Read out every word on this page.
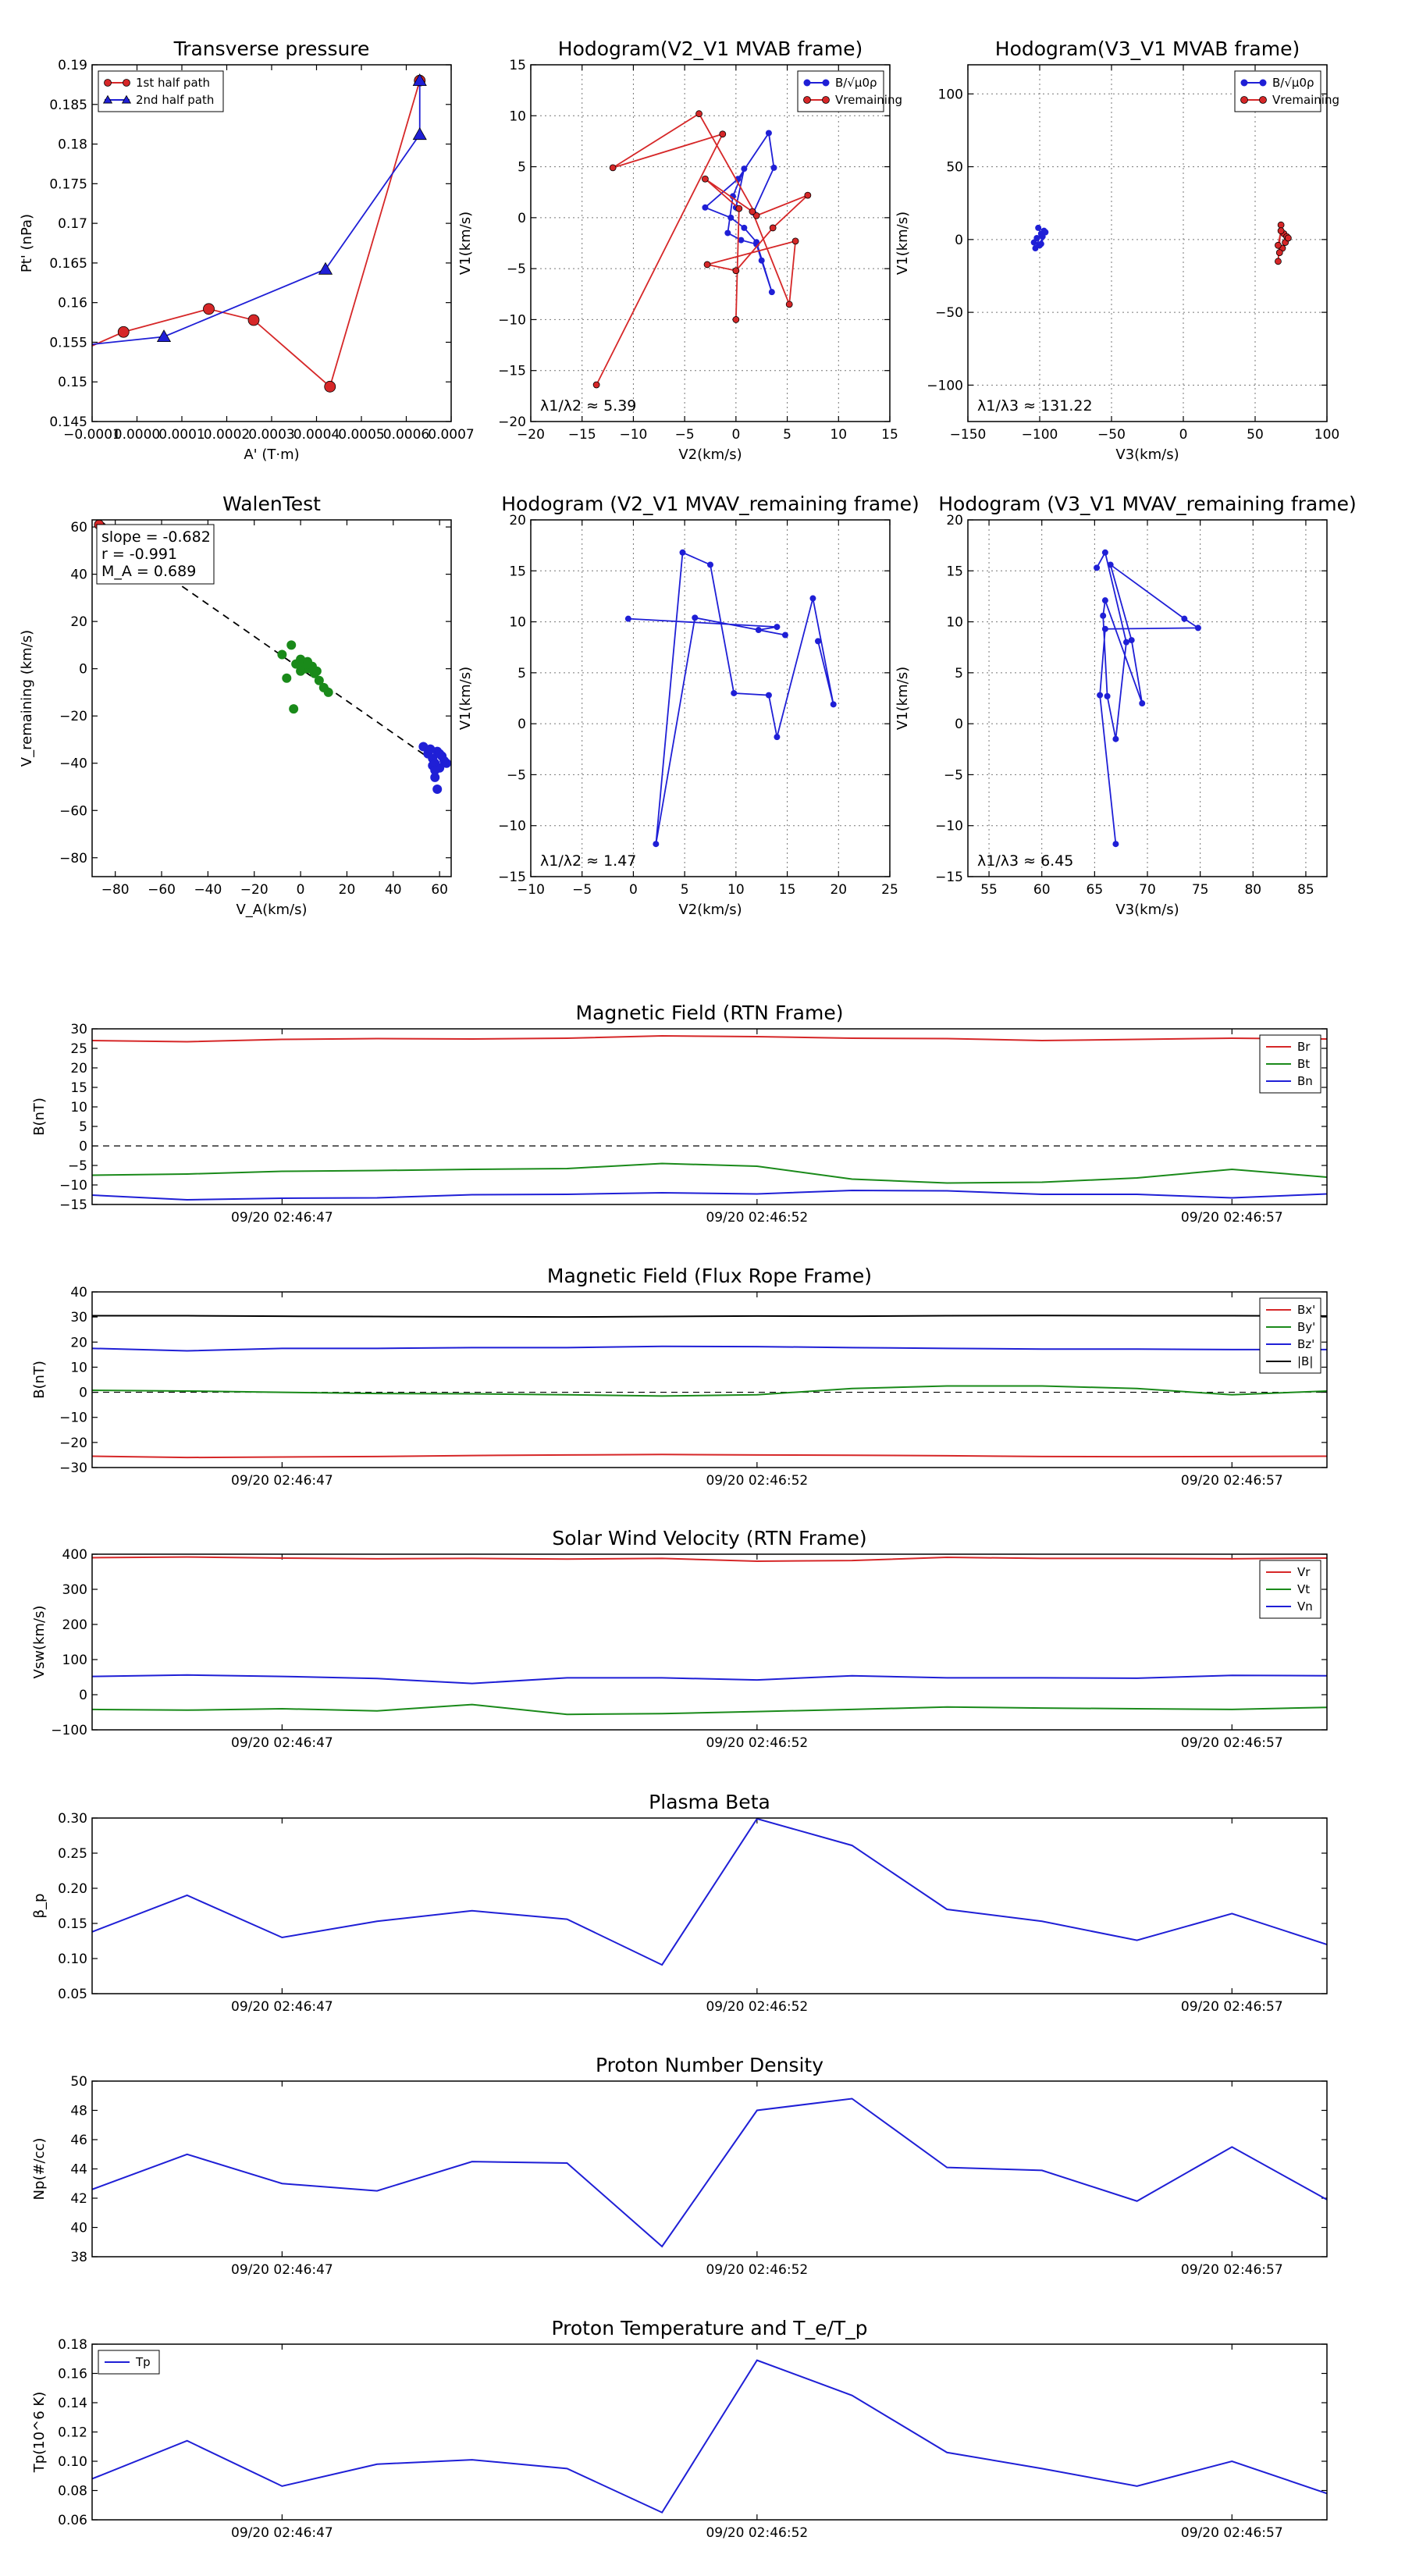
Transverse pressure
−0.0001
0.0000
0.0001
0.0002
0.0003
0.0004
0.0005
0.0006
0.0007
0.145
0.15
0.155
0.16
0.165
0.17
0.175
0.18
0.185
0.19
A' (T·m)
Pt' (nPa)
1st half path
2nd half path
Hodogram(V2_V1 MVAB frame)
−20 −15 −10 −5	0	5	10	15
−20
−15
−10
−5
0
5
10
15
V2(km/s)
V1(km/s)
B/√μ0ρ
Vremaining
λ1/λ2 ≈ 5.39
Hodogram(V3_V1 MVAB frame)
−150	−100	−50	0	50	100
−100
−50
0
50
100
V3(km/s)
V1(km/s)
B/√μ0ρ
Vremaining
λ1/λ3 ≈ 131.22
WalenTest
−80 −60 −40 −20 0	20 40 60
−80
−60
−40
−20
0
20
40
60
V_A(km/s)
V_remaining (km/s)
slope = -0.682
r = -0.991
M_A = 0.689
Hodogram (V2_V1 MVAV_remaining frame)
−10 −5	0	5	10	15	20	25
−15
−10
−5
0
5
10
15
20
V2(km/s)
V1(km/s)
λ1/λ2 ≈ 1.47
Hodogram (V3_V1 MVAV_remaining frame)
55	60	65	70	75	80	85
−15
−10
−5
0
5
10
15
20
V3(km/s)
V1(km/s)
λ1/λ3 ≈ 6.45
Magnetic Field (RTN Frame)
09/20 02:46:47	09/20 02:46:52	09/20 02:46:57
−15
−10
−5
0
5
10
15
20
25
30
B(nT)
Br
Bt
Bn
Magnetic Field (Flux Rope Frame)
09/20 02:46:47	09/20 02:46:52	09/20 02:46:57
−30
−20
−10
0
10
20
30
40
B(nT)
Bx'
By'
Bz'
|B|
Solar Wind Velocity (RTN Frame)
09/20 02:46:47	09/20 02:46:52	09/20 02:46:57
−100
0
100
200
300
400
Vsw(km/s)
Vr
Vt
Vn
Plasma Beta
09/20 02:46:47	09/20 02:46:52	09/20 02:46:57
0.05
0.10
0.15
0.20
0.25
0.30
β_p
Proton Number Density
09/20 02:46:47	09/20 02:46:52	09/20 02:46:57
38
40
42
44
46
48
50
Np(#/cc)
Proton Temperature and T_e/T_p
09/20 02:46:47	09/20 02:46:52	09/20 02:46:57
0.06
0.08
0.10
0.12
0.14
0.16
0.18
Tp(10^6 K)
Tp
